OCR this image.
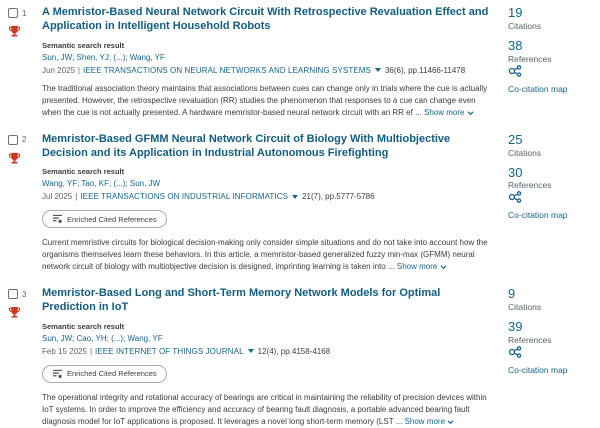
1 A Memristor-Based Neural Network Circuit With Retrospective Revaluation Effect and Application in Intelligent Household Robots
Semantic search result
Sun, JW; Shen, YJ; (...); Wang, YF
Jun 2025 | IEEE TRANSACTIONS ON NEURAL NETWORKS AND LEARNING SYSTEMS 36(6), pp.11466-11478
The traditional association theory maintains that associations between cues can change only in trials where the cue is actually presented. However, the retrospective revaluation (RR) studies the phenomenon that responses to a cue can change even when the cue is not actually presented. A hardware memristor-based neural network circuit with an RR ef ... Show more
19
Citations
38
References
Co-citation map
2 Memristor-Based GFMM Neural Network Circuit of Biology With Multiobjective Decision and its Application in Industrial Autonomous Firefighting
Semantic search result
Wang, YF; Tao, KF; (...); Sun, JW
Jul 2025 | IEEE TRANSACTIONS ON INDUSTRIAL INFORMATICS 21(7), pp.5777-5786
Enriched Cited References
Current memristive circuits for biological decision-making only consider simple situations and do not take into account how the organisms themselves learn these behaviors. In this article, a memristor-based generalized fuzzy min-max (GFMM) neural network circuit of biology with multiobjective decision is designed, imprinting learning is taken into ... Show more
25
Citations
30
References
Co-citation map
3 Memristor-Based Long and Short-Term Memory Network Models for Optimal Prediction in IoT
Semantic search result
Sun, JW; Cao, YH; (...); Wang, YF
Feb 15 2025 | IEEE INTERNET OF THINGS JOURNAL 12(4), pp.4158-4168
Enriched Cited References
The operational integrity and rotational accuracy of bearings are critical in maintaining the reliability of precision devices within IoT systems. In order to improve the efficiency and accuracy of bearing fault diagnosis, a portable advanced bearing fault diagnosis model for IoT applications is proposed. It leverages a novel long short-term memory (LST ... Show more
9
Citations
39
References
Co-citation map
